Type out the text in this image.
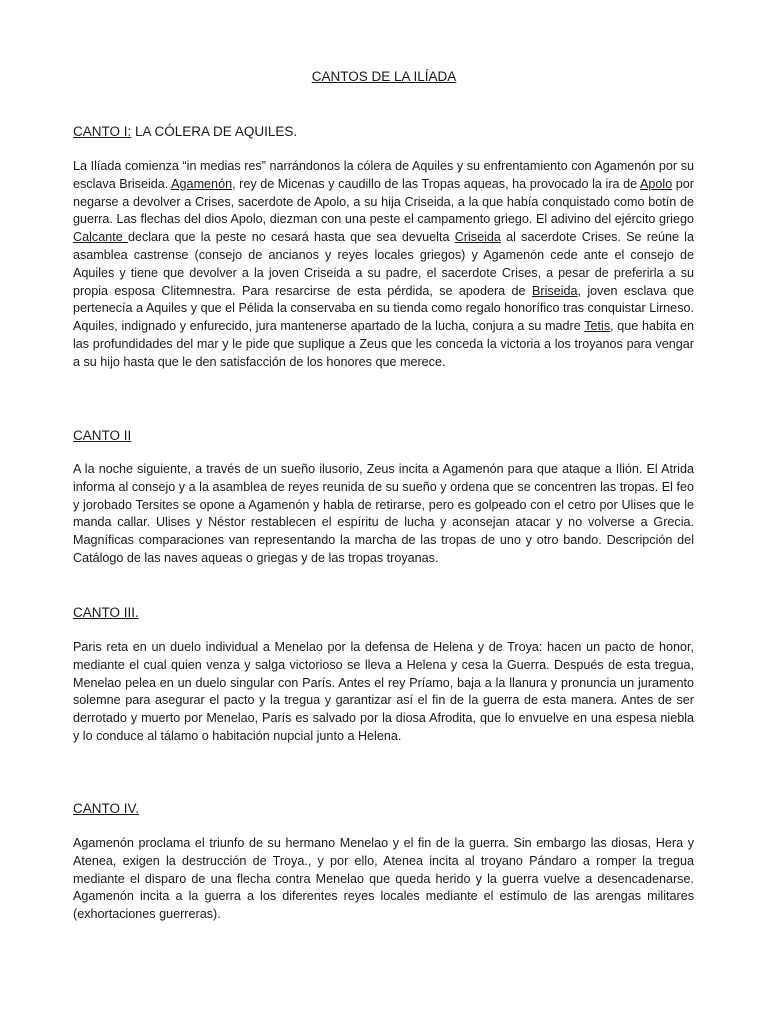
CANTOS DE LA ILÍADA
CANTO I: LA CÓLERA DE AQUILES.
La Ilíada comienza “in medias res” narrándonos la cólera de Aquiles y su enfrentamiento con Agamenón por su esclava Briseida. Agamenón, rey de Micenas y caudillo de las Tropas aqueas, ha provocado la ira de Apolo por negarse a devolver a Crises, sacerdote de Apolo, a su hija Criseida, a la que había conquistado como botín de guerra. Las flechas del dios Apolo, diezman con una peste el campamento griego. El adivino del ejército griego Calcante declara que la peste no cesará hasta que sea devuelta Criseida al sacerdote Crises. Se reúne la asamblea castrense (consejo de ancianos y reyes locales griegos) y Agamenón cede ante el consejo de Aquiles y tiene que devolver a la joven Criseida a su padre, el sacerdote Crises, a pesar de preferirla a su propia esposa Clitemnestra. Para resarcirse de esta pérdida, se apodera de Briseida, joven esclava que pertenecía a Aquiles y que el Pélida la conservaba en su tienda como regalo honorífico tras conquistar Lirneso. Aquiles, indignado y enfurecido, jura mantenerse apartado de la lucha, conjura a su madre Tetis, que habita en las profundidades del mar y le pide que suplique a Zeus que les conceda la victoria a los troyanos para vengar a su hijo hasta que le den satisfacción de los honores que merece.
CANTO II
A la noche siguiente, a través de un sueño ilusorio, Zeus incita a Agamenón para que ataque a Ilión. El Atrida informa al consejo y a la asamblea de reyes reunida de su sueño y ordena que se concentren las tropas. El feo y jorobado Tersites se opone a Agamenón y habla de retirarse, pero es golpeado con el cetro por Ulises que le manda callar. Ulises y Néstor restablecen el espíritu de lucha y aconsejan atacar y no volverse a Grecia. Magníficas comparaciones van representando la marcha de las tropas de uno y otro bando. Descripción del Catálogo de las naves aqueas o griegas y de las tropas troyanas.
CANTO III.
Paris reta en un duelo individual a Menelao por la defensa de Helena y de Troya: hacen un pacto de honor, mediante el cual quien venza y salga victorioso se lleva a Helena y cesa la Guerra. Después de esta tregua, Menelao pelea en un duelo singular con París. Antes el rey Príamo, baja a la llanura y pronuncia un juramento solemne para asegurar el pacto y la tregua y garantizar así el fin de la guerra de esta manera. Antes de ser derrotado y muerto por Menelao, París es salvado por la diosa Afrodita, que lo envuelve en una espesa niebla y lo conduce al tálamo o habitación nupcial junto a Helena.
CANTO IV.
Agamenón proclama el triunfo de su hermano Menelao y el fin de la guerra. Sin embargo las diosas, Hera y Atenea, exigen la destrucción de Troya., y por ello, Atenea incita al troyano Pándaro a romper la tregua mediante el disparo de una flecha contra Menelao que queda herido y la guerra vuelve a desencadenarse. Agamenón incita a la guerra a los diferentes reyes locales mediante el estímulo de las arengas militares (exhortaciones guerreras).
